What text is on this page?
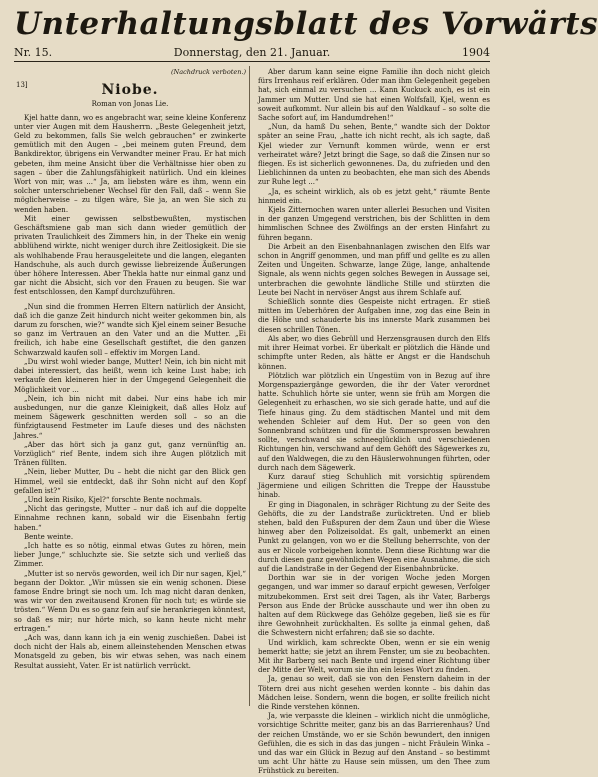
Unterhaltungsblatt des Vorwärts
Nr. 15.	Donnerstag, den 21. Januar.	1904
(Nachdruck verboten.)
13]	Niobe.
Roman von Jonas Lie.

Kjel hatte dann, wo es angebracht war, seine kleine Konferenz unter vier Augen mit dem Hausherrn. „Beste Gelegenheit jetzt, Geld zu bekommen, falls Sie welch gebrauchen“ er zwinkerte gemütlich mit den Augen – „bei meinem guten Freund, dem Bankdirektor, übrigens ein Verwandter meiner Frau. Er hat mich gebeten, ihm meine Ansicht über die Verhältnisse hier oben zu sagen – über die Zahlungsfähigkeit natürlich. Und ein kleines Wort von mir, was ...“ Ja, am liebsten wäre es ihm, wenn ein solcher unterschriebener Wechsel für den Fall, daß – wenn Sie möglicherweise – zu tilgen wäre, Sie ja, an wen Sie sich zu wenden haben.

Mit einer gewissen selbstbewußten, mystischen Geschäftsmiene gab man sich dann wieder gemütlich der privaten Traulichkeit des Zimmers hin, in der Theke ein wenig abblühend wirkte, nicht weniger durch ihre Zeitlosigkeit. Die sie als wohlhabende Frau herausgeleitete und die langen, eleganten Handschuhe, als auch durch gewisse liebreizende Äußerungen über höhere Interessen. Aber Thekla hatte nur einmal ganz und gar nicht die Absicht, sich vor den Frauen zu beugen. Sie war fest entschlossen, den Kampf durchzuführen.

„Nun sind die frommen Herren Eltern natürlich der Ansicht, daß ich die ganze Zeit hindurch nicht weiter gekommen bin, als darum zu forschen, wie?“ wandte sich Kjel einem seiner Besuche so ganz im Vertrauen an den Vater und an die Mutter. „Ei freilich, ich habe eine Gesellschaft gestiftet, die den ganzen Schwarzwald kaufen soll – effektiv im Morgen Land.

„Du wirst wohl wieder bange, Mutter! Nein, ich bin nicht mit dabei interessiert, das heißt, wenn ich keine Lust habe; ich verkaufe den kleineren hier in der Umgegend Gelegenheit die Möglichkeit vor ...

„Nein, ich bin nicht mit dabei. Nur eins habe ich mir ausbedungen, nur die ganze Kleinigkeit, daß alles Holz auf meinem Sägewerk geschnitten werden soll – so an die fünfzigtausend Festmeter im Laufe dieses und des nächsten Jahres.“

„Aber das hört sich ja ganz gut, ganz vernünftig an. Vorzüglich“ rief Bente, indem sich ihre Augen plötzlich mit Tränen füllten.

„Nein, lieber Mutter, Du – hebt die nicht gar den Blick gen Himmel, weil sie entdeckt, daß ihr Sohn nicht auf den Kopf gefallen ist?“

„Und kein Risiko, Kjel?“ forschte Bente nochmals.

„Nicht das geringste, Mutter – nur daß ich auf die doppelte Einnahme rechnen kann, sobald wir die Eisenbahn fertig haben.“

Bente weinte.

„Ich hatte es so nötig, einmal etwas Gutes zu hören, mein lieber Junge,“ schluchzte sie. Sie setzte sich und verließ das Zimmer.

„Mutter ist so nervös geworden, weil ich Dir nur sagen, Kjel,“ begann der Doktor. „Wir müssen sie ein wenig schonen. Diese famose Endre bringt sie noch um. Ich mag nicht daran denken, was wir vor den zweitausend Kronen für noch tut; es würde sie trösten.“ Wenn Du es so ganz fein auf sie herankriegen könntest, so daß es mir; nur hörte mich, so kann heute nicht mehr ertragen.“

„Ach was, dann kann ich ja ein wenig zuschießen. Dabei ist doch nicht der Hals ab, einem alleinstehenden Menschen etwas Monatsgeld zu geben, bis wir etwas sehen, was nach einem Resultat aussieht, Vater. Er ist natürlich verrückt.

Aber darum kann seine eigne Familie ihn doch nicht gleich fürs Irrenhaus reif erklären. Oder man ihm Gelegenheit gegeben hat, sich einmal zu versuchen ... Kann Kuckuck auch, es ist ein Jammer um Mutter. Und sie hat einen Wolfsfall, Kjel, wenn es soweit aufkommt. Nur allein bis auf den Waldkauf – so solte die Sache sofort auf, im Handumdrehen!“

„Nun, da hamß Du sehen, Bente,“ wandte sich der Doktor später an seine Frau, „hatte ich nicht recht, als ich sagte, daß Kjel wieder zur Vernunft kommen würde, wenn er erst verheiratet wäre? Jetzt bringt die Sage, so daß die Zinsen nur so fliegen. Es ist sicherlich gewonnenes. Da, du zufrieden und den Lieblichinnen da unten zu beobachten, ehe man sich des Abends zur Ruhe legt ...“

„Ja, es scheint wirklich, als ob es jetzt geht,“ räumte Bente hinmeid ein.

Kjels Zitternochen waren unter allerlei Besuchen und Visiten in der ganzen Umgegend verstrichen, bis der Schlitten in dem himmlischen Schnee des Zwölfings an der ersten Hinfahrt zu führen begann.

Die Arbeit an den Eisenbahnanlagen zwischen den Elfs war schon in Angriff genommen, und man pfiff und gellte es zu allen Zeiten und Ungeiten. Schwarze, lange Züge, lange, anhaltende Signale, als wenn nichts gegen solches Bewegen in Aussage sei, unterbrachen die gewohnte ländliche Stille und stürzten die Leute bei Nacht in nervöser Angst aus ihrem Schlafe auf.

Schießlich sonnte dies Gespeiste nicht ertragen. Er stieß mitten im Ueberhören der Aufgaben inne, zog das eine Bein in die Höhe und schauderte bis ins innerste Mark zusammen bei diesen schrillen Tönen.

Als aber, wo dies Gebrüll und Herzensgrausen durch den Elfs mit ihrer Heimat vorbei. Er überkalt er plötzlich die Hände und schimpfte unter Reden, als hätte er Angst er die Handschuh können.

Plötzlich war plötzlich ein Ungestüm von in Bezug auf ihre Morgenspaziergänge geworden, die ihr der Vater verordnet hatte. Schuhlich hörte sie unter, wenn sie früh am Morgen die Gelegenheit zu erhaschen, wo sie sich gerade hatte, und auf die Tiefe hinaus ging. Zu dem städtischen Mantel und mit dem wehenden Schleier auf dem Hut. Der so geen von den Sonnenbrand schützen und für die Sommersprossen bewahren sollte, verschwand sie schneeglücklich und verschiedenen Richtungen hin, verschwand auf dem Gehöft des Sägewerkes zu, auf den Waldwegen, die zu den Häuslerwohnungen führten, oder durch nach dem Sägewerk.

Kurz darauf stieg Schuhlich mit vorsichtig spürendem Jägermiene und eiligen Schritten die Treppe der Hausstube hinab.

Er ging in Diagonalen, in schräger Richtung zu der Seite des Gehöfts, die zu der Landstraße zurücktreten. Und er blieb stehen, bald den Fußspuren der dem Zaun und über die Wiese hinweg aber den Polizeisoldat. Es galt, unbemerkt an einen Punkt zu gelangen, von wo er die Stellung beherrschte, von der aus er Nicole vorbeigehen konnte. Denn diese Richtung war die durch diesen ganz gewöhnlichen Wegen eine Ausnahme, die sich auf die Landstraße in der Gegend der Eisenbahnbrücke.

Dorthin war sie in der vorigen Woche jeden Morgen gegangen, und war immer so darauf erpicht gewesen, Verfolger mitzubekommen. Erst seit drei Tagen, als ihr Vater, Barbergs Person aus Ende der Brücke ausschaute und wer ihn oben zu halten auf dem Rückwege das Gehölze gegeben, ließ sie es für ihre Gewohnheit zurückhalten. Es sollte ja einmal gehen, daß die Schwestern nicht erfahren; daß sie so dachte.

Und wirklich, kam schreckte Oben, wenn er sie ein wenig bemerkt hatte; sie jetzt an ihrem Fenster, um sie zu beobachten. Mit ihr Barberg sei nach Bente und irgend einer Richtung über der Mitte der Welt, worum sie ihn ein leises Wort zu finden.

Ja, genau so weit, daß sie von den Fenstern daheim in der Tötern drei aus nicht gesehen werden konnte – bis dahin das Mädchen leise. Sondern, wenn die bogen, er sollte freilich nicht die Rinde verstehen können.

Ja, wie verpasste die kleinen – wirklich nicht die unmögliche, vorsichtige Schritte meiter, ganz bis an das Barrierenhaus? Und der reichen Umstände, wo er sie Schön bewundert, den innigen Gefühlen, die es sich in das das jungen – nicht Fräulein Winka – und das war ein Glück in Bezug auf den Anstand – so bestimmt um acht Uhr hätte zu Hause sein müssen, um den Thee zum Frühstück zu bereiten.
